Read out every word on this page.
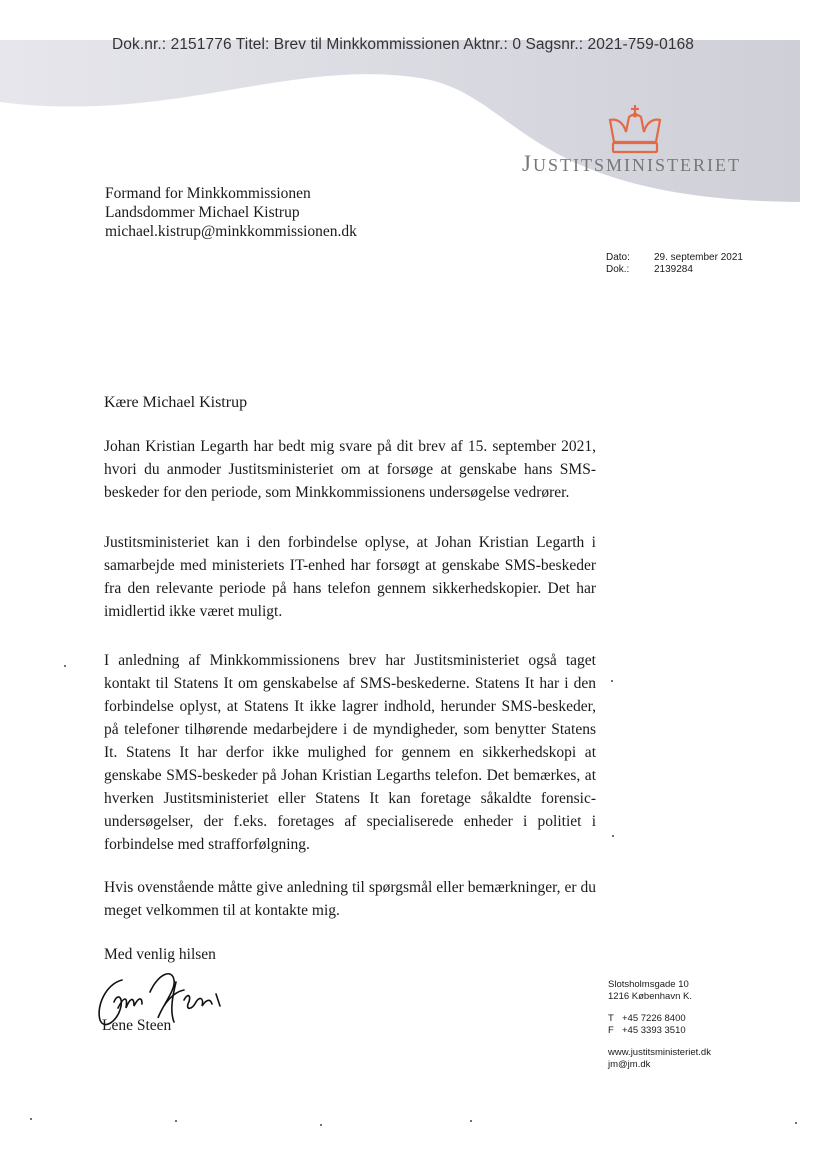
Dok.nr.: 2151776 Titel: Brev til Minkkommissionen Aktnr.: 0 Sagsnr.: 2021-759-0168
JUSTITSMINISTERIET
Formand for Minkkommissionen
Landsdommer Michael Kistrup
michael.kistrup@minkkommissionen.dk
Dato:	29. september 2021
Dok.:	2139284
Kære Michael Kistrup
Johan Kristian Legarth har bedt mig svare på dit brev af 15. september 2021, hvori du anmoder Justitsministeriet om at forsøge at genskabe hans SMS-beskeder for den periode, som Minkkommissionens undersøgelse vedrører.
Justitsministeriet kan i den forbindelse oplyse, at Johan Kristian Legarth i samarbejde med ministeriets IT-enhed har forsøgt at genskabe SMS-beskeder fra den relevante periode på hans telefon gennem sikkerhedskopier. Det har imidlertid ikke været muligt.
I anledning af Minkkommissionens brev har Justitsministeriet også taget kontakt til Statens It om genskabelse af SMS-beskederne. Statens It har i den forbindelse oplyst, at Statens It ikke lagrer indhold, herunder SMS-beskeder, på telefoner tilhørende medarbejdere i de myndigheder, som benytter Statens It. Statens It har derfor ikke mulighed for gennem en sikkerhedskopi at genskabe SMS-beskeder på Johan Kristian Legarths telefon. Det bemærkes, at hverken Justitsministeriet eller Statens It kan foretage såkaldte forensic-undersøgelser, der f.eks. foretages af specialiserede enheder i politiet i forbindelse med strafforfølgning.
Hvis ovenstående måtte give anledning til spørgsmål eller bemærkninger, er du meget velkommen til at kontakte mig.
Med venlig hilsen
Lene Steen
Slotsholmsgade 10
1216 København K.
T +45 7226 8400
F +45 3393 3510
www.justitsministeriet.dk
jm@jm.dk
